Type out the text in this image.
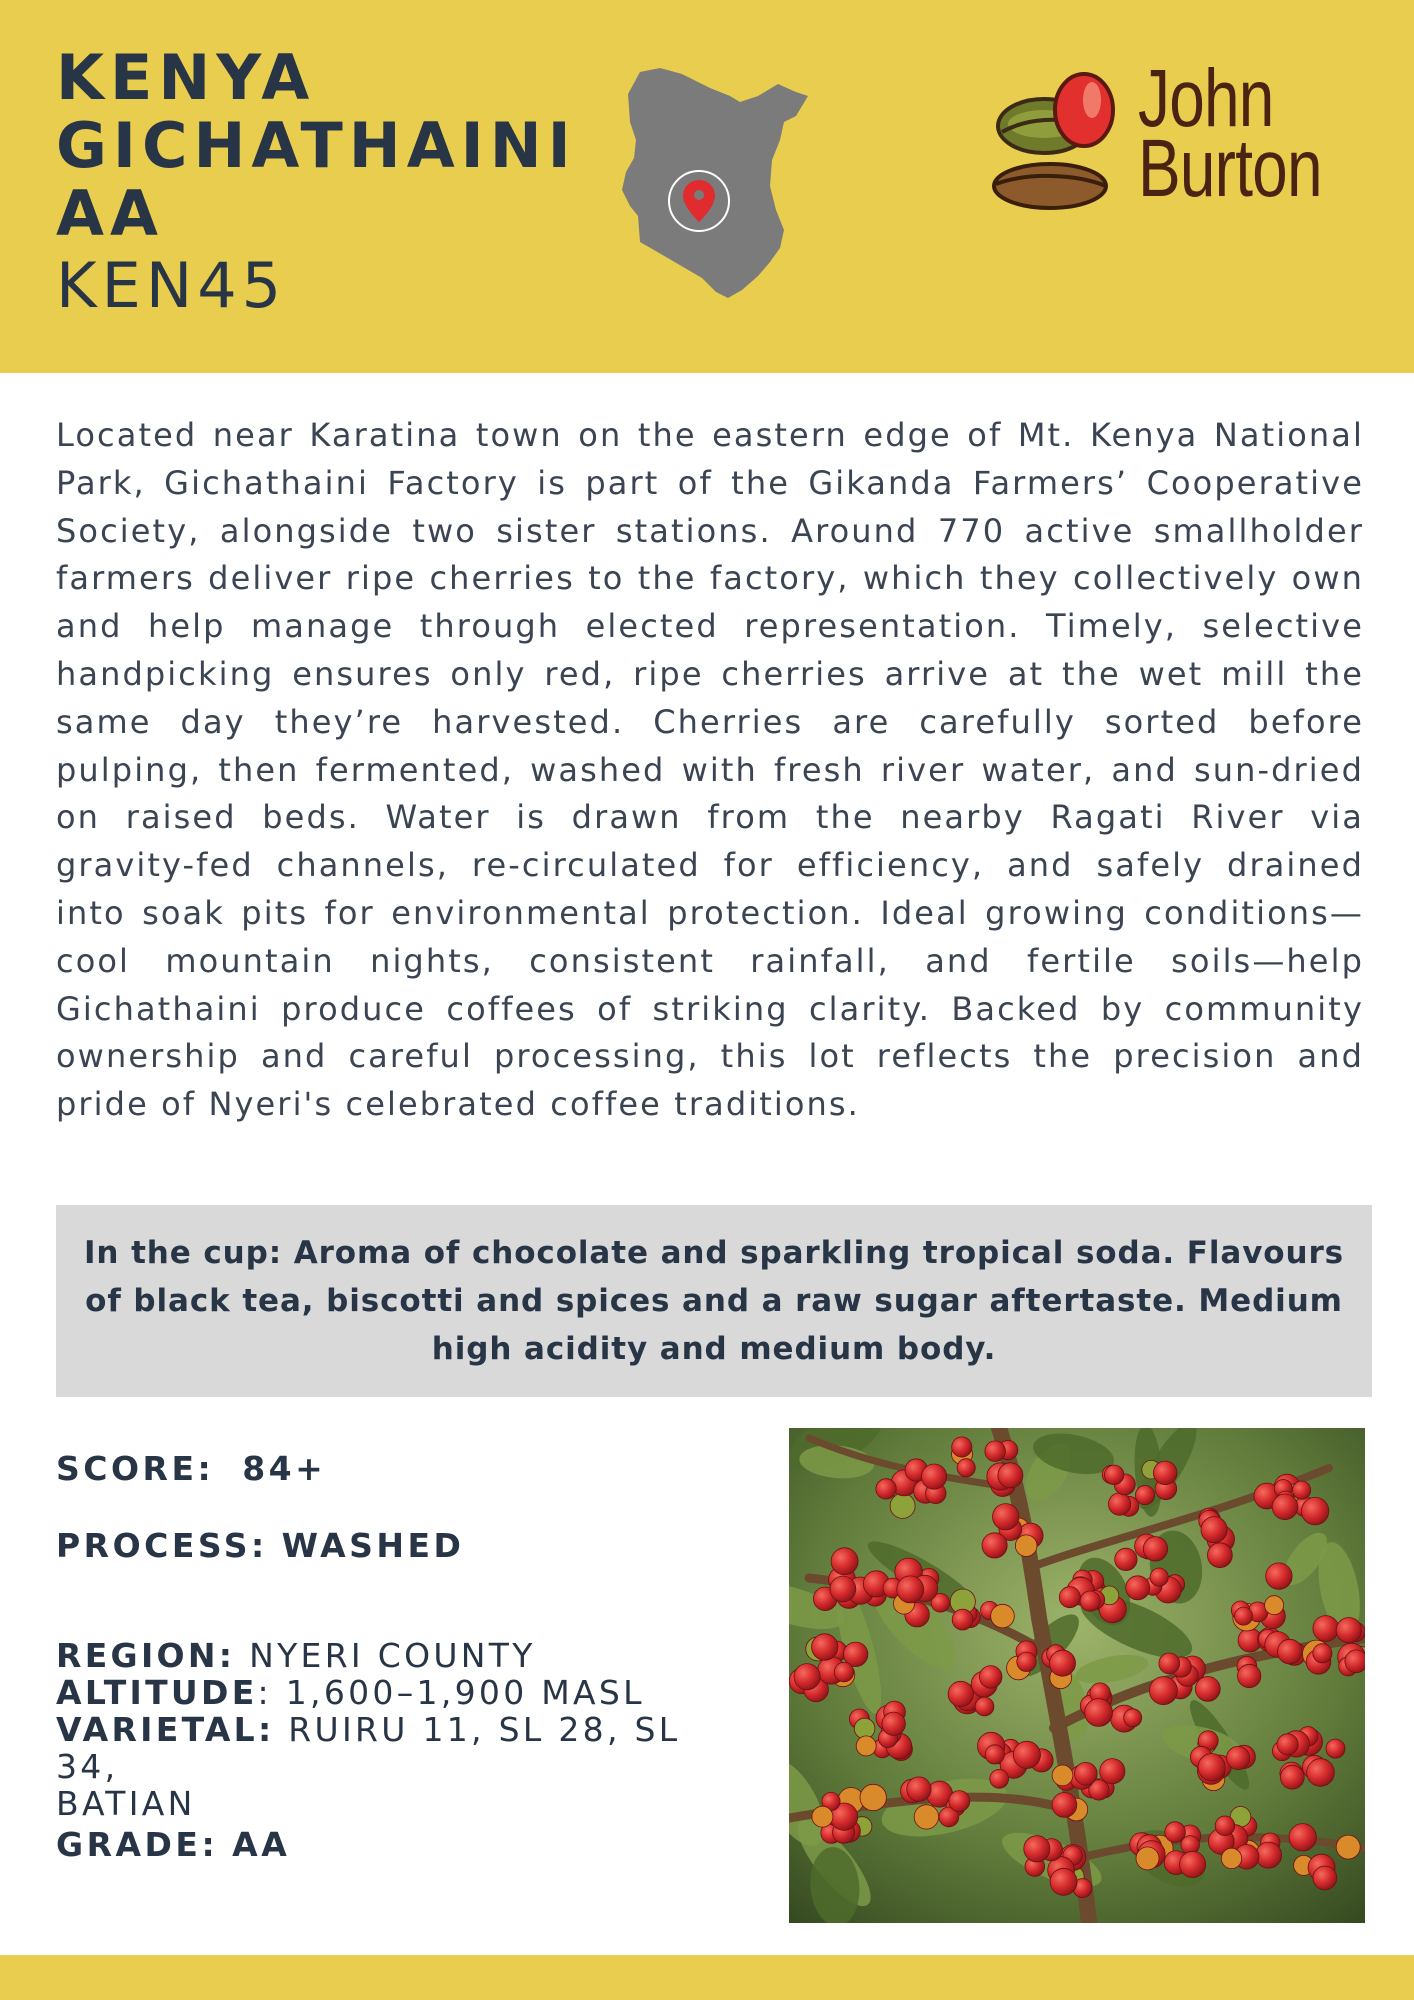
KENYA
GICHATHAINI
AA
KEN45
John
Burton

Located near Karatina town on the eastern edge of Mt. Kenya National Park, Gichathaini Factory is part of the Gikanda Farmers’ Cooperative Society, alongside two sister stations. Around 770 active smallholder farmers deliver ripe cherries to the factory, which they collectively own and help manage through elected representation. Timely, selective handpicking ensures only red, ripe cherries arrive at the wet mill the same day they’re harvested. Cherries are carefully sorted before pulping, then fermented, washed with fresh river water, and sun-dried on raised beds. Water is drawn from the nearby Ragati River via gravity-fed channels, re-circulated for efficiency, and safely drained into soak pits for environmental protection. Ideal growing conditions—cool mountain nights, consistent rainfall, and fertile soils—help Gichathaini produce coffees of striking clarity. Backed by community ownership and careful processing, this lot reflects the precision and pride of Nyeri's celebrated coffee traditions.

In the cup: Aroma of chocolate and sparkling tropical soda. Flavours of black tea, biscotti and spices and a raw sugar aftertaste. Medium high acidity and medium body.
SCORE: 84+
PROCESS: WASHED
REGION: NYERI COUNTY
ALTITUDE: 1,600–1,900 MASL
VARIETAL: RUIRU 11, SL 28, SL 34,
BATIAN
GRADE: AA
